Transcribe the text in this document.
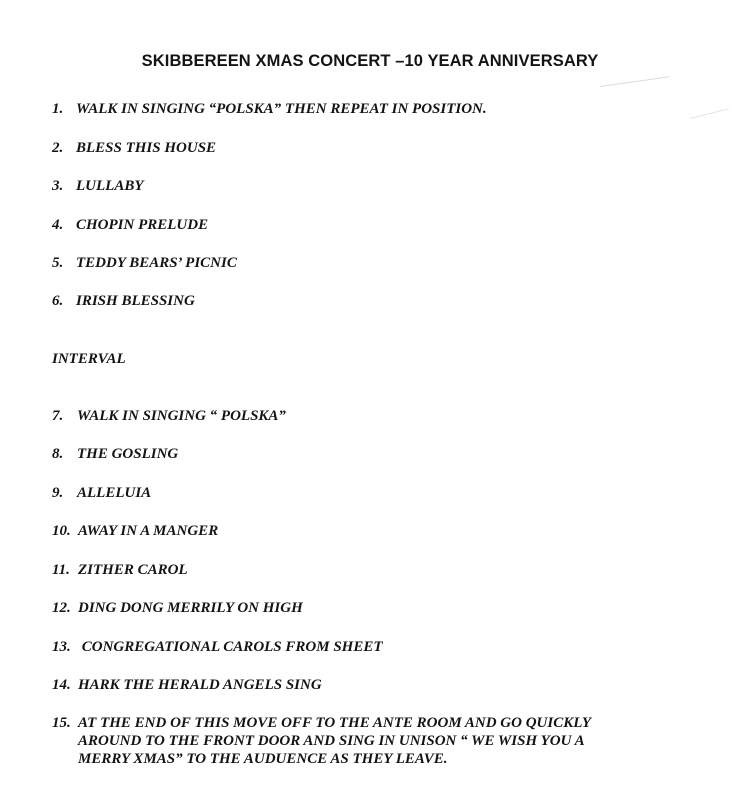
SKIBBEREEN XMAS CONCERT –10 YEAR ANNIVERSARY
1. WALK IN SINGING “POLSKA” THEN REPEAT IN POSITION.
2. BLESS THIS HOUSE
3. LULLABY
4. CHOPIN PRELUDE
5. TEDDY BEARS’ PICNIC
6. IRISH BLESSING
INTERVAL
7. WALK IN SINGING “ POLSKA”
8. THE GOSLING
9. ALLELUIA
10. AWAY IN A MANGER
11. ZITHER CAROL
12. DING DONG MERRILY ON HIGH
13. CONGREGATIONAL CAROLS FROM SHEET
14. HARK THE HERALD ANGELS SING
15. AT THE END OF THIS MOVE OFF TO THE ANTE ROOM AND GO QUICKLY
AROUND TO THE FRONT DOOR AND SING IN UNISON “ WE WISH YOU A
MERRY XMAS” TO THE AUDUENCE AS THEY LEAVE.
